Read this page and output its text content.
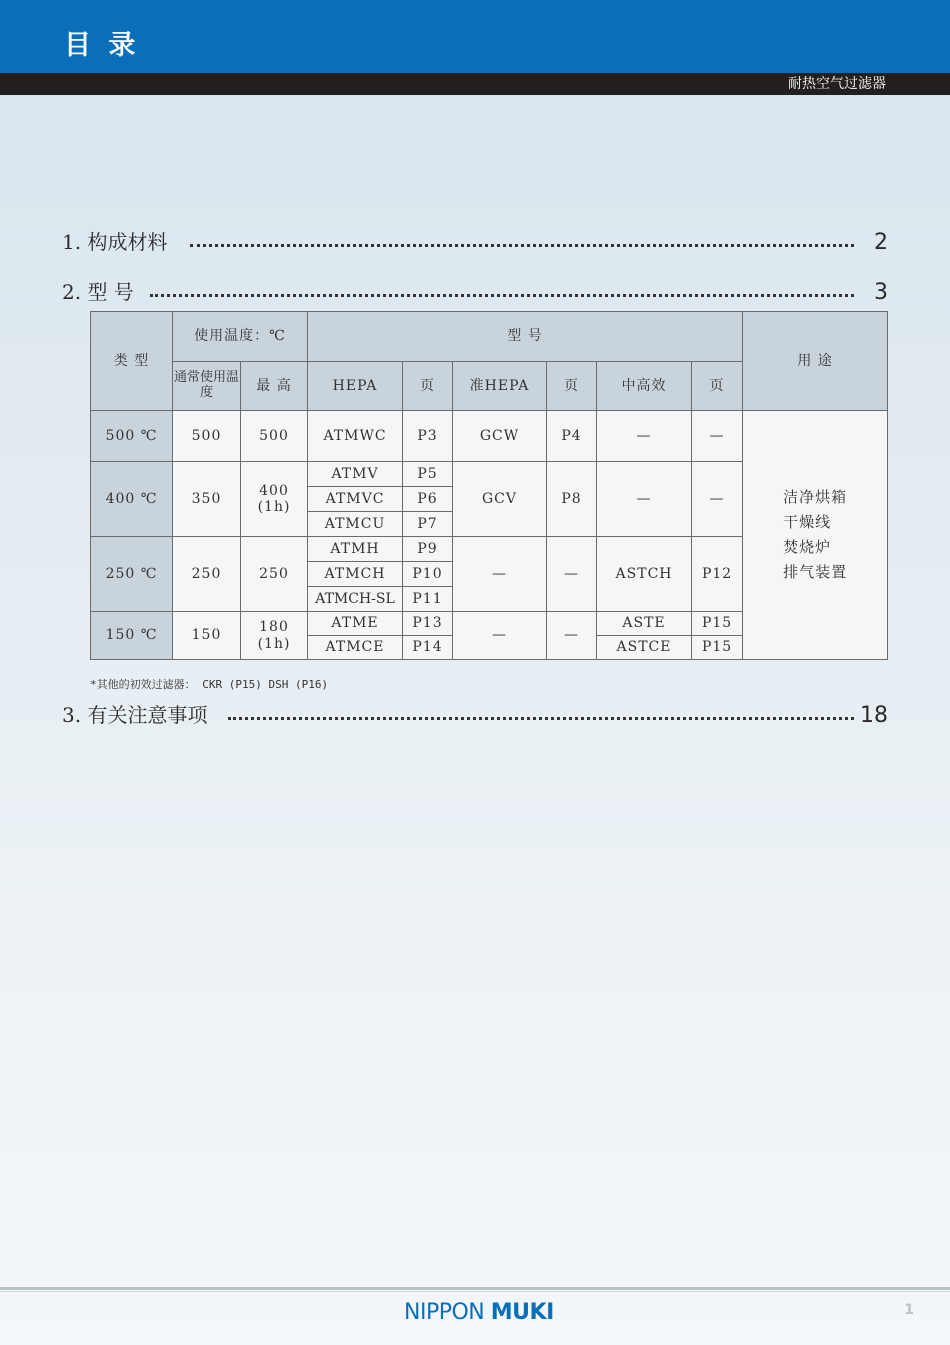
目 录
耐热空气过滤器
1. 构成材料	2
2. 型 号	3
类 型	使用温度：℃		型 号						用 途
	通常使用温度	最 高	HEPA	页	准HEPA	页	中高效	页	
500 ℃	500	500	ATMWC	P3	GCW	P4	—	—	洁净烘箱
干燥线
焚烧炉
排气装置

400 ℃	350	400 (1h)	ATMV	P5	GCV	P8	—	—	
			ATMVC	P6					
			ATMCU	P7					
250 ℃	250	250	ATMH	P9	—	—	ASTCH	P12	
			ATMCH	P10					
			ATMCH-SL	P11					
150 ℃	150	180 (1h)	ATME	P13	—	—	ASTE	P15	
			ATMCE	P14			ASTCE	P15	
*其他的初效过滤器： CKR (P15) DSH (P16)
3. 有关注意事项	18
NIPPON MUKI	1
